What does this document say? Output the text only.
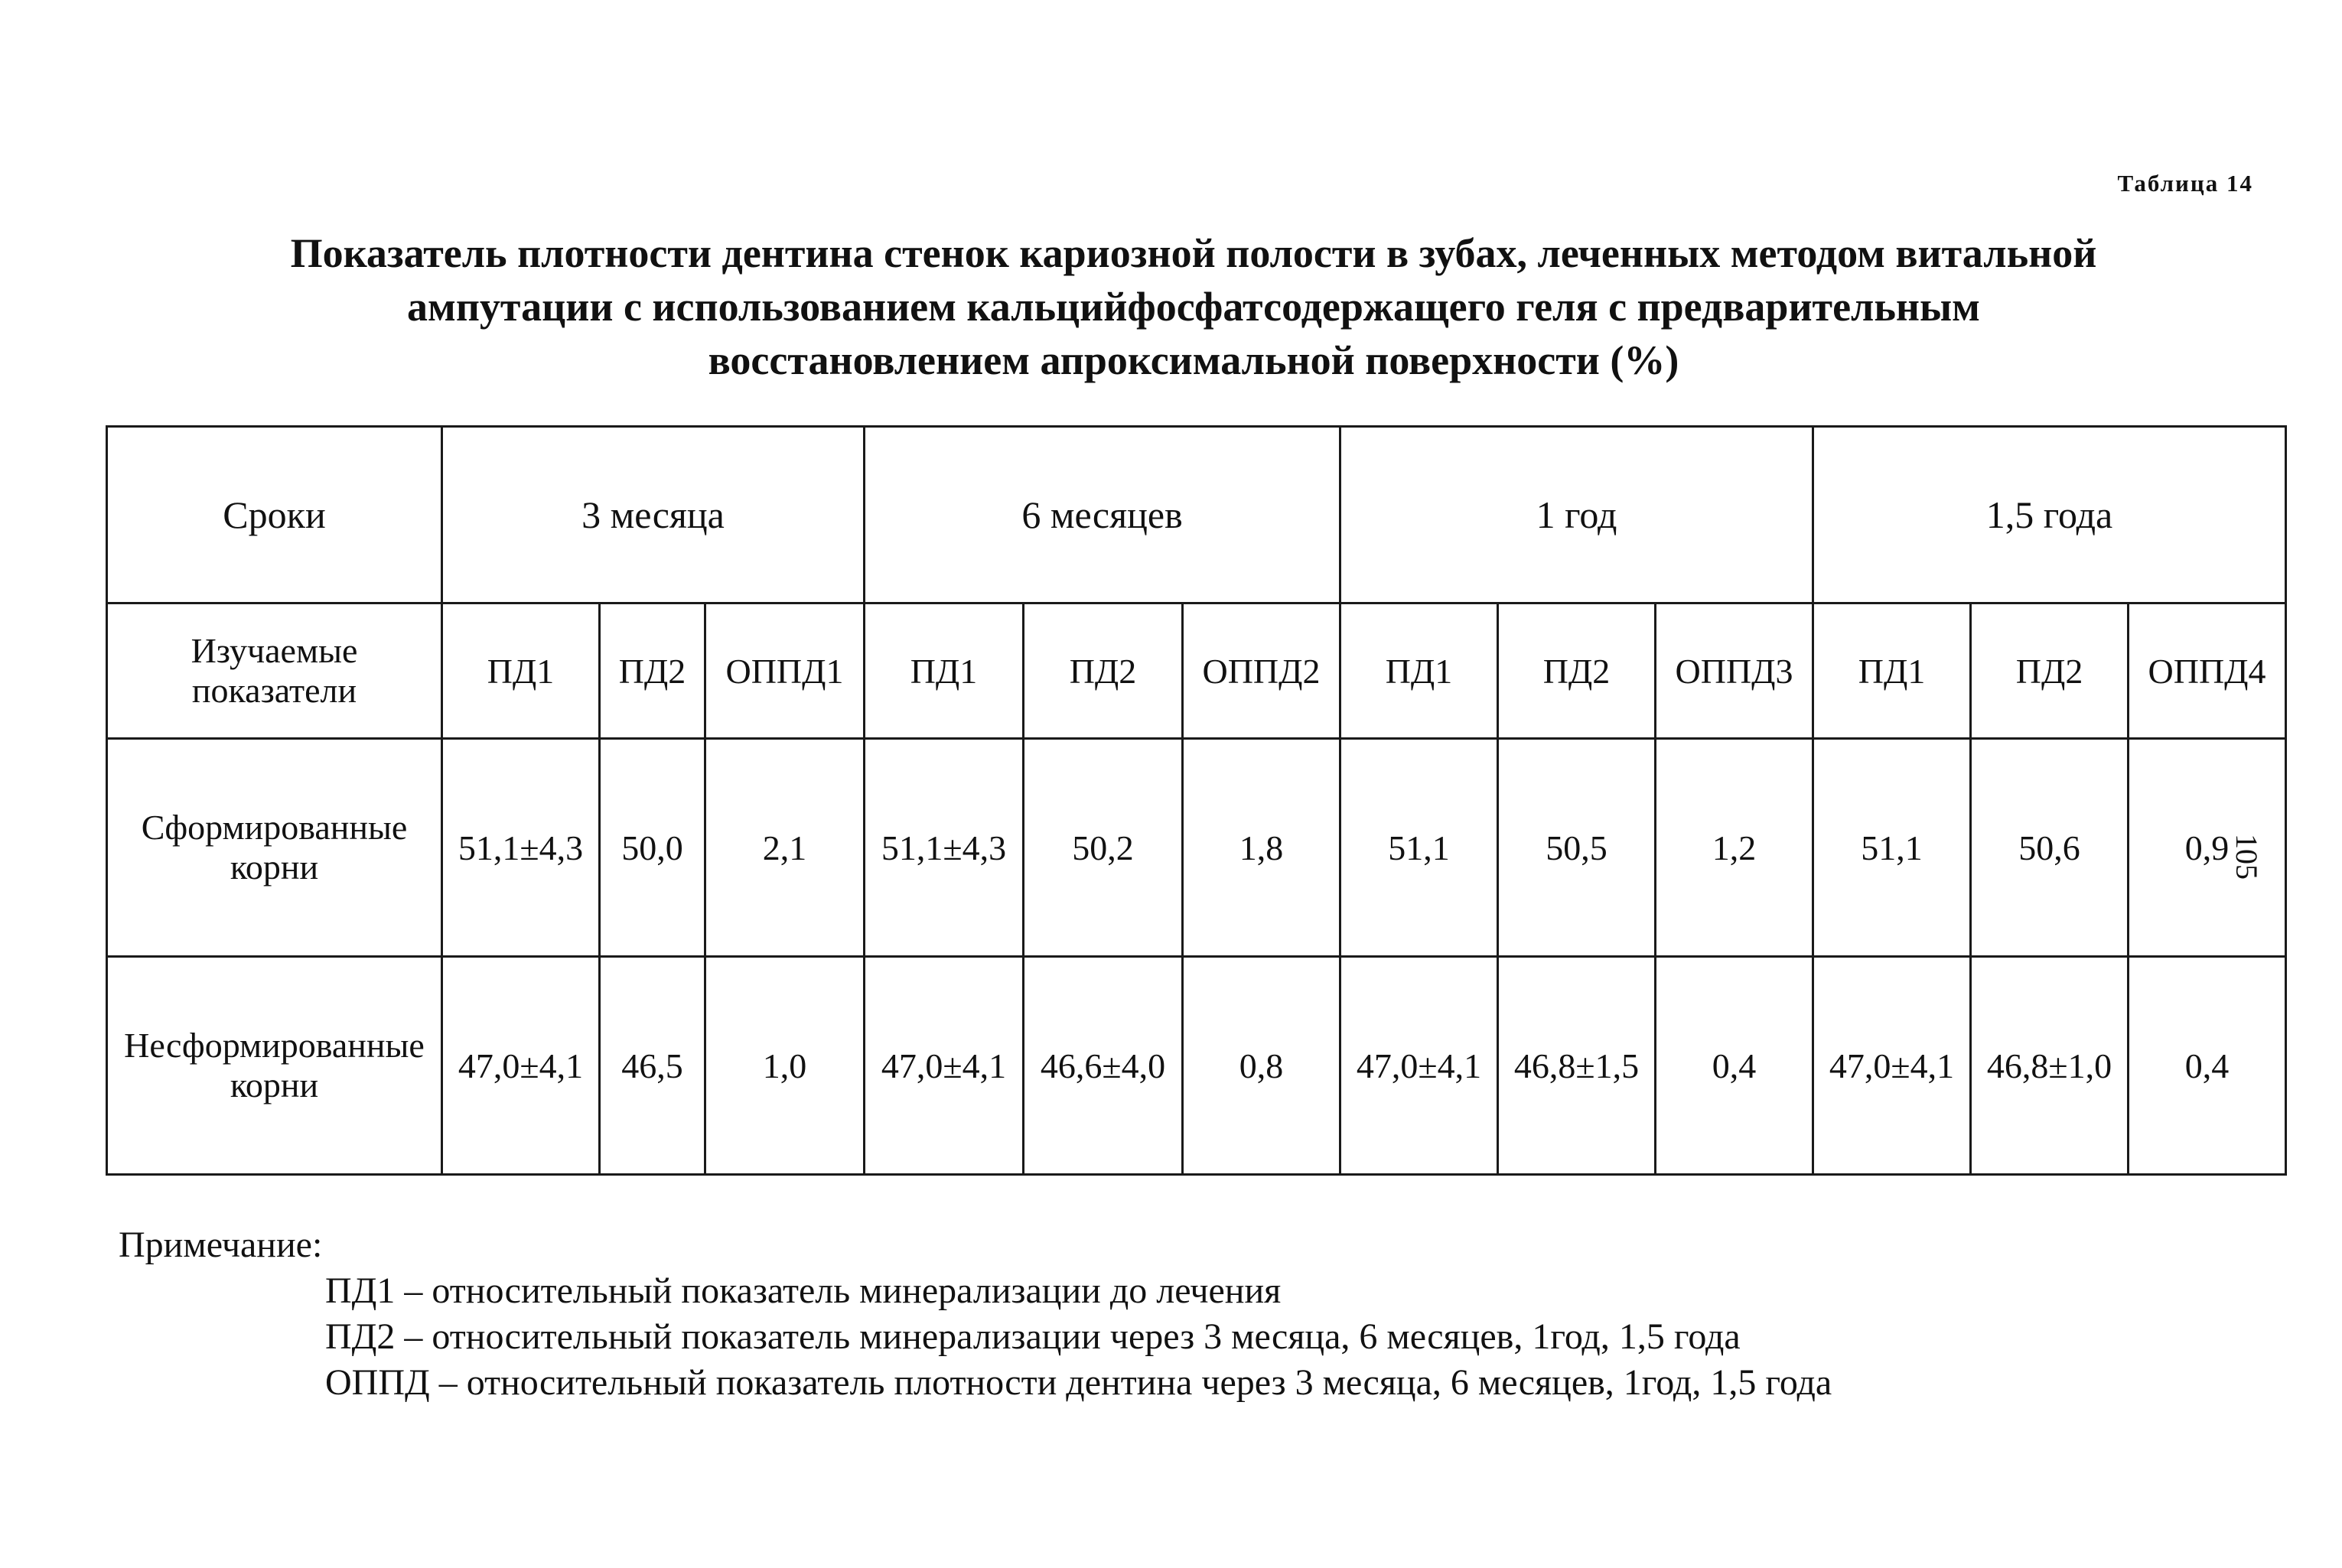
Таблица 14
Показатель плотности дентина стенок кариозной полости в зубах, леченных методом витальной
ампутации с использованием кальцийфосфатсодержащего геля с предварительным
восстановлением апроксимальной поверхности (%)
Сроки	3 месяца			6 месяцев			1 год			1,5 года		

Изучаемые
показатели	ПД1	ПД2	ОППД1	ПД1	ПД2	ОППД2	ПД1	ПД2	ОППД3	ПД1	ПД2	ОППД4

Сформированные
корни	51,1±4,3	50,0	2,1	51,1±4,3	50,2	1,8	51,1	50,5	1,2	51,1	50,6	0,9

Несформированные
корни	47,0±4,1	46,5	1,0	47,0±4,1	46,6±4,0	0,8	47,0±4,1	46,8±1,5	0,4	47,0±4,1	46,8±1,0	0,4
105
Примечание:
ПД1 – относительный показатель минерализации до лечения
ПД2 – относительный показатель минерализации через 3 месяца, 6 месяцев, 1год, 1,5 года
ОППД – относительный показатель плотности дентина через 3 месяца, 6 месяцев, 1год, 1,5 года
